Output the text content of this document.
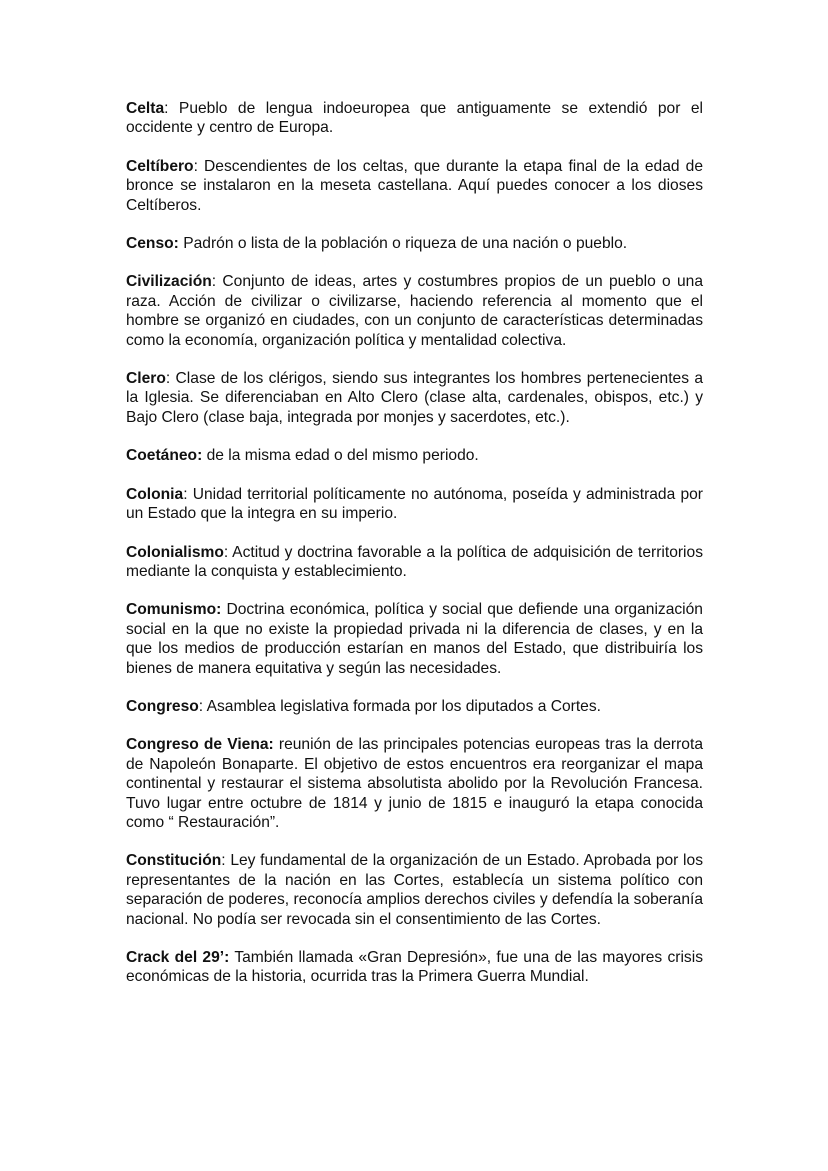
Celta: Pueblo de lengua indoeuropea que antiguamente se extendió por el occidente y centro de Europa.

Celtíbero: Descendientes de los celtas, que durante la etapa final de la edad de bronce se instalaron en la meseta castellana. Aquí puedes conocer a los dioses Celtíberos.

Censo: Padrón o lista de la población o riqueza de una nación o pueblo.

Civilización: Conjunto de ideas, artes y costumbres propios de un pueblo o una raza. Acción de civilizar o civilizarse, haciendo referencia al momento que el hombre se organizó en ciudades, con un conjunto de características determinadas como la economía, organización política y mentalidad colectiva.

Clero: Clase de los clérigos, siendo sus integrantes los hombres pertenecientes a la Iglesia. Se diferenciaban en Alto Clero (clase alta, cardenales, obispos, etc.) y Bajo Clero (clase baja, integrada por monjes y sacerdotes, etc.).

Coetáneo: de la misma edad o del mismo periodo.

Colonia: Unidad territorial políticamente no autónoma, poseída y administrada por un Estado que la integra en su imperio.

Colonialismo: Actitud y doctrina favorable a la política de adquisición de territorios mediante la conquista y establecimiento.

Comunismo: Doctrina económica, política y social que defiende una organización social en la que no existe la propiedad privada ni la diferencia de clases, y en la que los medios de producción estarían en manos del Estado, que distribuiría los bienes de manera equitativa y según las necesidades.

Congreso: Asamblea legislativa formada por los diputados a Cortes.

Congreso de Viena: reunión de las principales potencias europeas tras la derrota de Napoleón Bonaparte. El objetivo de estos encuentros era reorganizar el mapa continental y restaurar el sistema absolutista abolido por la Revolución Francesa. Tuvo lugar entre octubre de 1814 y junio de 1815 e inauguró la etapa conocida como “ Restauración”.

Constitución: Ley fundamental de la organización de un Estado. Aprobada por los representantes de la nación en las Cortes, establecía un sistema político con separación de poderes, reconocía amplios derechos civiles y defendía la soberanía nacional. No podía ser revocada sin el consentimiento de las Cortes.

Crack del 29’: También llamada «Gran Depresión», fue una de las mayores crisis económicas de la historia, ocurrida tras la Primera Guerra Mundial.
